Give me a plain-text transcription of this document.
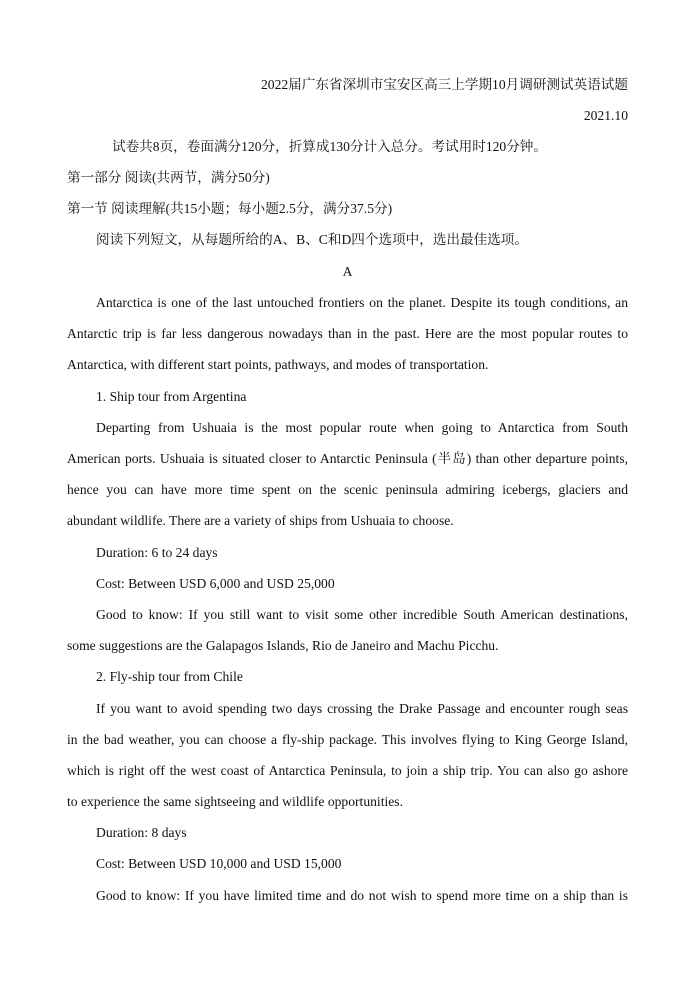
2022届广东省深圳市宝安区高三上学期10月调研测试英语试题
2021.10
试卷共8页，卷面满分120分，折算成130分计入总分。考试用时120分钟。
第一部分 阅读(共两节，满分50分)
第一节 阅读理解(共15小题；每小题2.5分，满分37.5分)
阅读下列短文，从每题所给的A、B、C和D四个选项中，选出最佳选项。
A
Antarctica is one of the last untouched frontiers on the planet. Despite its tough conditions, an
Antarctic trip is far less dangerous nowadays than in the past. Here are the most popular routes to
Antarctica, with different start points, pathways, and modes of transportation.
1. Ship tour from Argentina
Departing from Ushuaia is the most popular route when going to Antarctica from South
American ports. Ushuaia is situated closer to Antarctic Peninsula (半岛) than other departure points,
hence you can have more time spent on the scenic peninsula admiring icebergs, glaciers and
abundant wildlife. There are a variety of ships from Ushuaia to choose.
Duration: 6 to 24 days
Cost: Between USD 6,000 and USD 25,000
Good to know: If you still want to visit some other incredible South American destinations,
some suggestions are the Galapagos Islands, Rio de Janeiro and Machu Picchu.
2. Fly-ship tour from Chile
If you want to avoid spending two days crossing the Drake Passage and encounter rough seas
in the bad weather, you can choose a fly-ship package. This involves flying to King George Island,
which is right off the west coast of Antarctica Peninsula, to join a ship trip. You can also go ashore
to experience the same sightseeing and wildlife opportunities.
Duration: 8 days
Cost: Between USD 10,000 and USD 15,000
Good to know: If you have limited time and do not wish to spend more time on a ship than is
